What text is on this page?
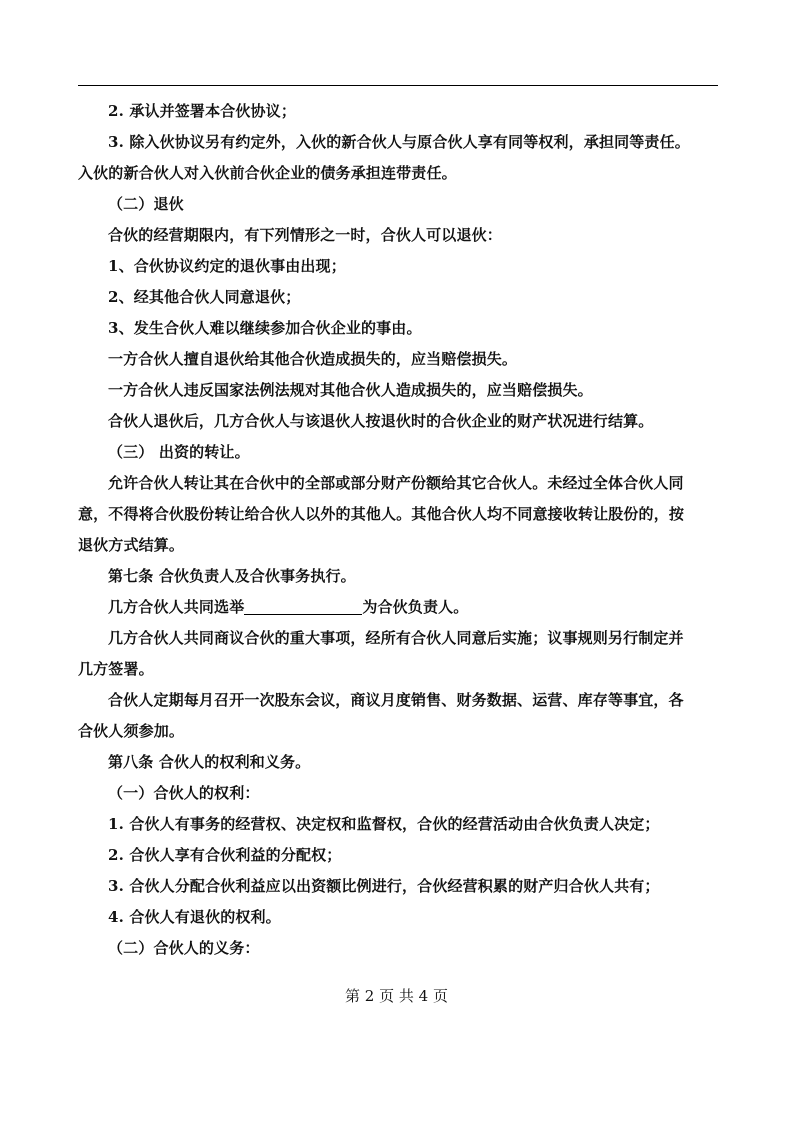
2. 承认并签署本合伙协议；

3. 除入伙协议另有约定外，入伙的新合伙人与原合伙人享有同等权利，承担同等责任。

入伙的新合伙人对入伙前合伙企业的债务承担连带责任。

（二）退伙

合伙的经营期限内，有下列情形之一时，合伙人可以退伙：

1、合伙协议约定的退伙事由出现；

2、经其他合伙人同意退伙；

3、发生合伙人难以继续参加合伙企业的事由。

一方合伙人擅自退伙给其他合伙造成损失的，应当赔偿损失。

一方合伙人违反国家法例法规对其他合伙人造成损失的，应当赔偿损失。

合伙人退伙后，几方合伙人与该退伙人按退伙时的合伙企业的财产状况进行结算。

（三） 出资的转让。

允许合伙人转让其在合伙中的全部或部分财产份额给其它合伙人。未经过全体合伙人同

意，不得将合伙股份转让给合伙人以外的其他人。其他合伙人均不同意接收转让股份的，按

退伙方式结算。

第七条 合伙负责人及合伙事务执行。

几方合伙人共同选举	为合伙负责人。

几方合伙人共同商议合伙的重大事项，经所有合伙人同意后实施；议事规则另行制定并

几方签署。

合伙人定期每月召开一次股东会议，商议月度销售、财务数据、运营、库存等事宜，各

合伙人须参加。

第八条 合伙人的权利和义务。

（一）合伙人的权利：

1. 合伙人有事务的经营权、决定权和监督权，合伙的经营活动由合伙负责人决定；

2. 合伙人享有合伙利益的分配权；

3. 合伙人分配合伙利益应以出资额比例进行，合伙经营积累的财产归合伙人共有；

4. 合伙人有退伙的权利。

（二）合伙人的义务：

第 2 页 共 4 页
